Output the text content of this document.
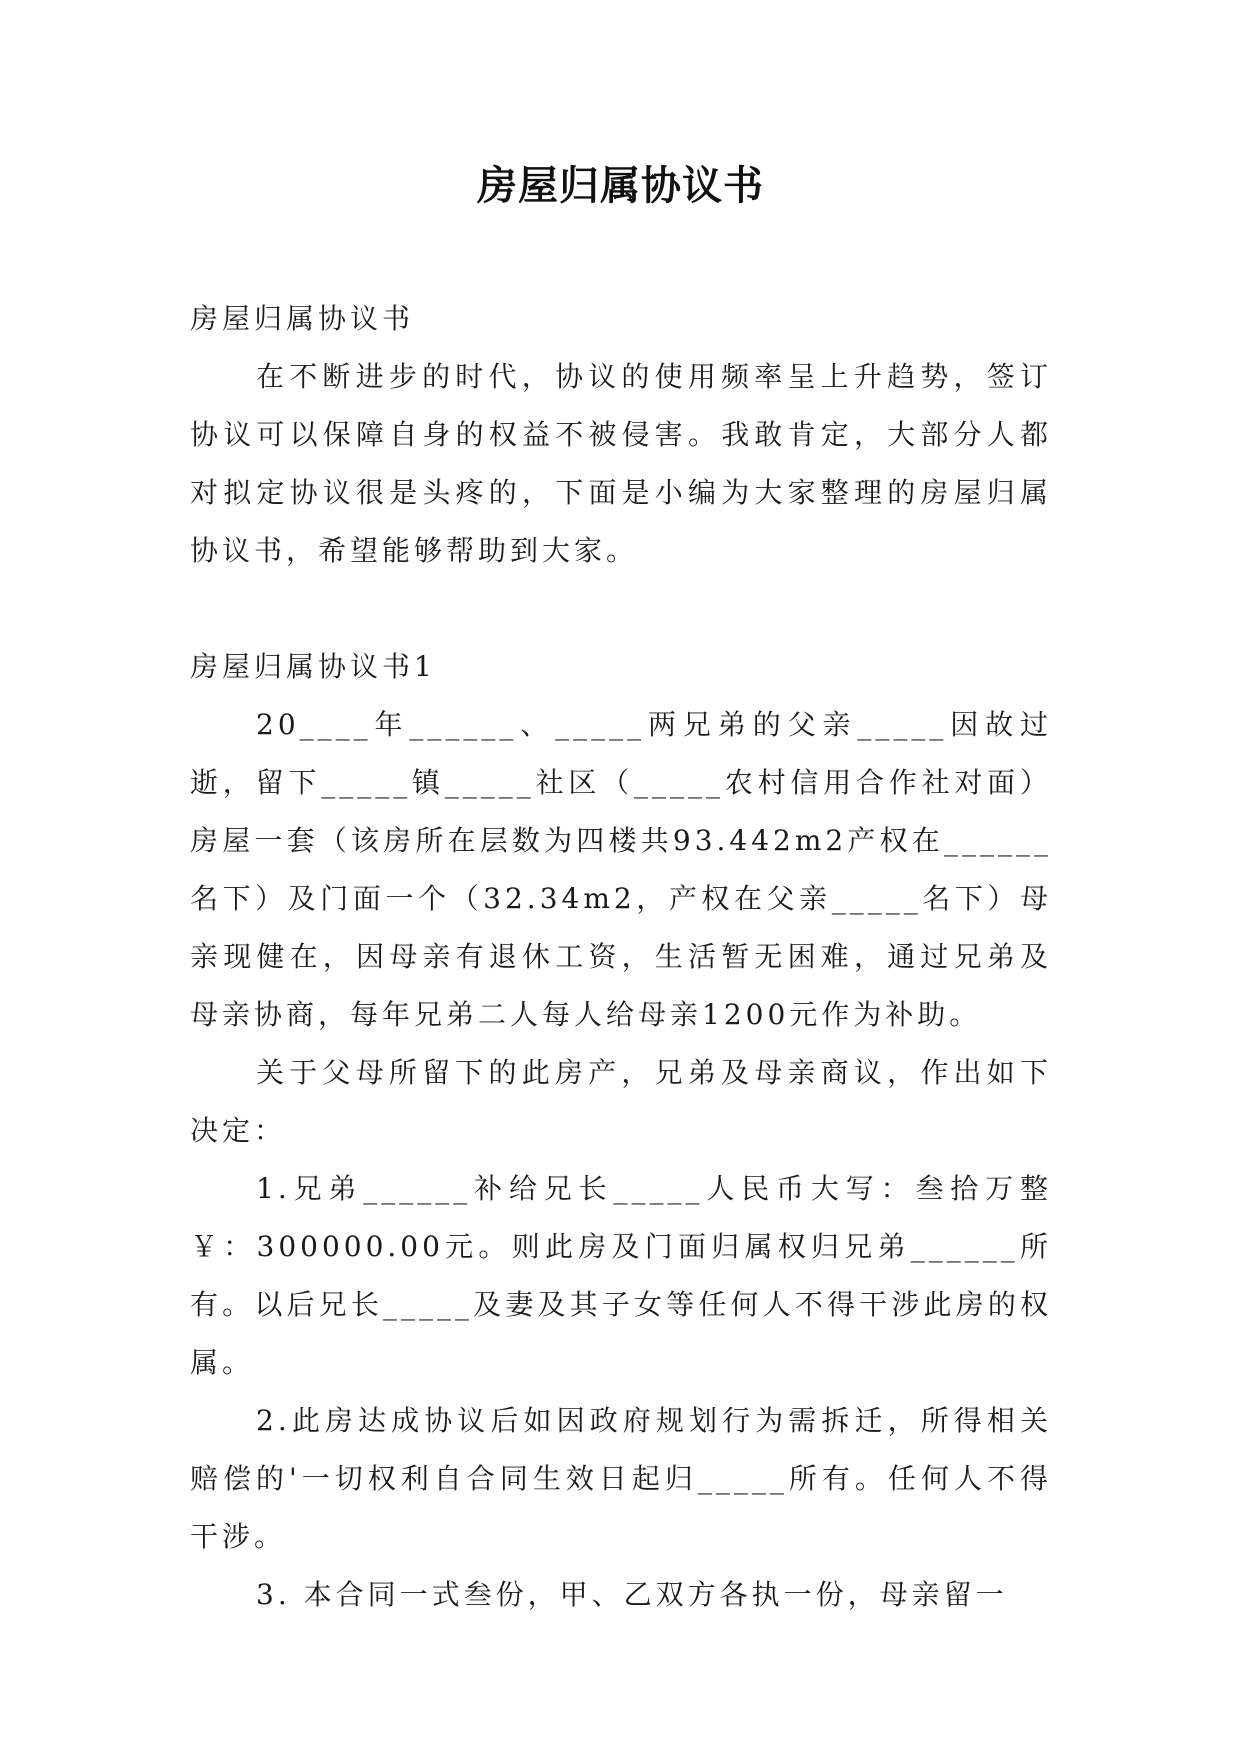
房屋归属协议书

房屋归属协议书

在不断进步的时代，协议的使用频率呈上升趋势，签订协议可以保障自身的权益不被侵害。我敢肯定，大部分人都对拟定协议很是头疼的，下面是小编为大家整理的房屋归属协议书，希望能够帮助到大家。

房屋归属协议书1

20____年______、_____两兄弟的父亲_____因故过逝，留下_____镇_____社区（_____农村信用合作社对面）房屋一套（该房所在层数为四楼共93.442m2产权在______名下）及门面一个（32.34m2，产权在父亲_____名下）母亲现健在，因母亲有退休工资，生活暂无困难，通过兄弟及母亲协商，每年兄弟二人每人给母亲1200元作为补助。

关于父母所留下的此房产，兄弟及母亲商议，作出如下决定：

1.兄弟______补给兄长_____人民币大写：叁拾万整￥：300000.00元。则此房及门面归属权归兄弟______所有。以后兄长_____及妻及其子女等任何人不得干涉此房的权属。

2.此房达成协议后如因政府规划行为需拆迁，所得相关赔偿的'一切权利自合同生效日起归_____所有。任何人不得干涉。

3. 本合同一式叁份，甲、乙双方各执一份，母亲留一
